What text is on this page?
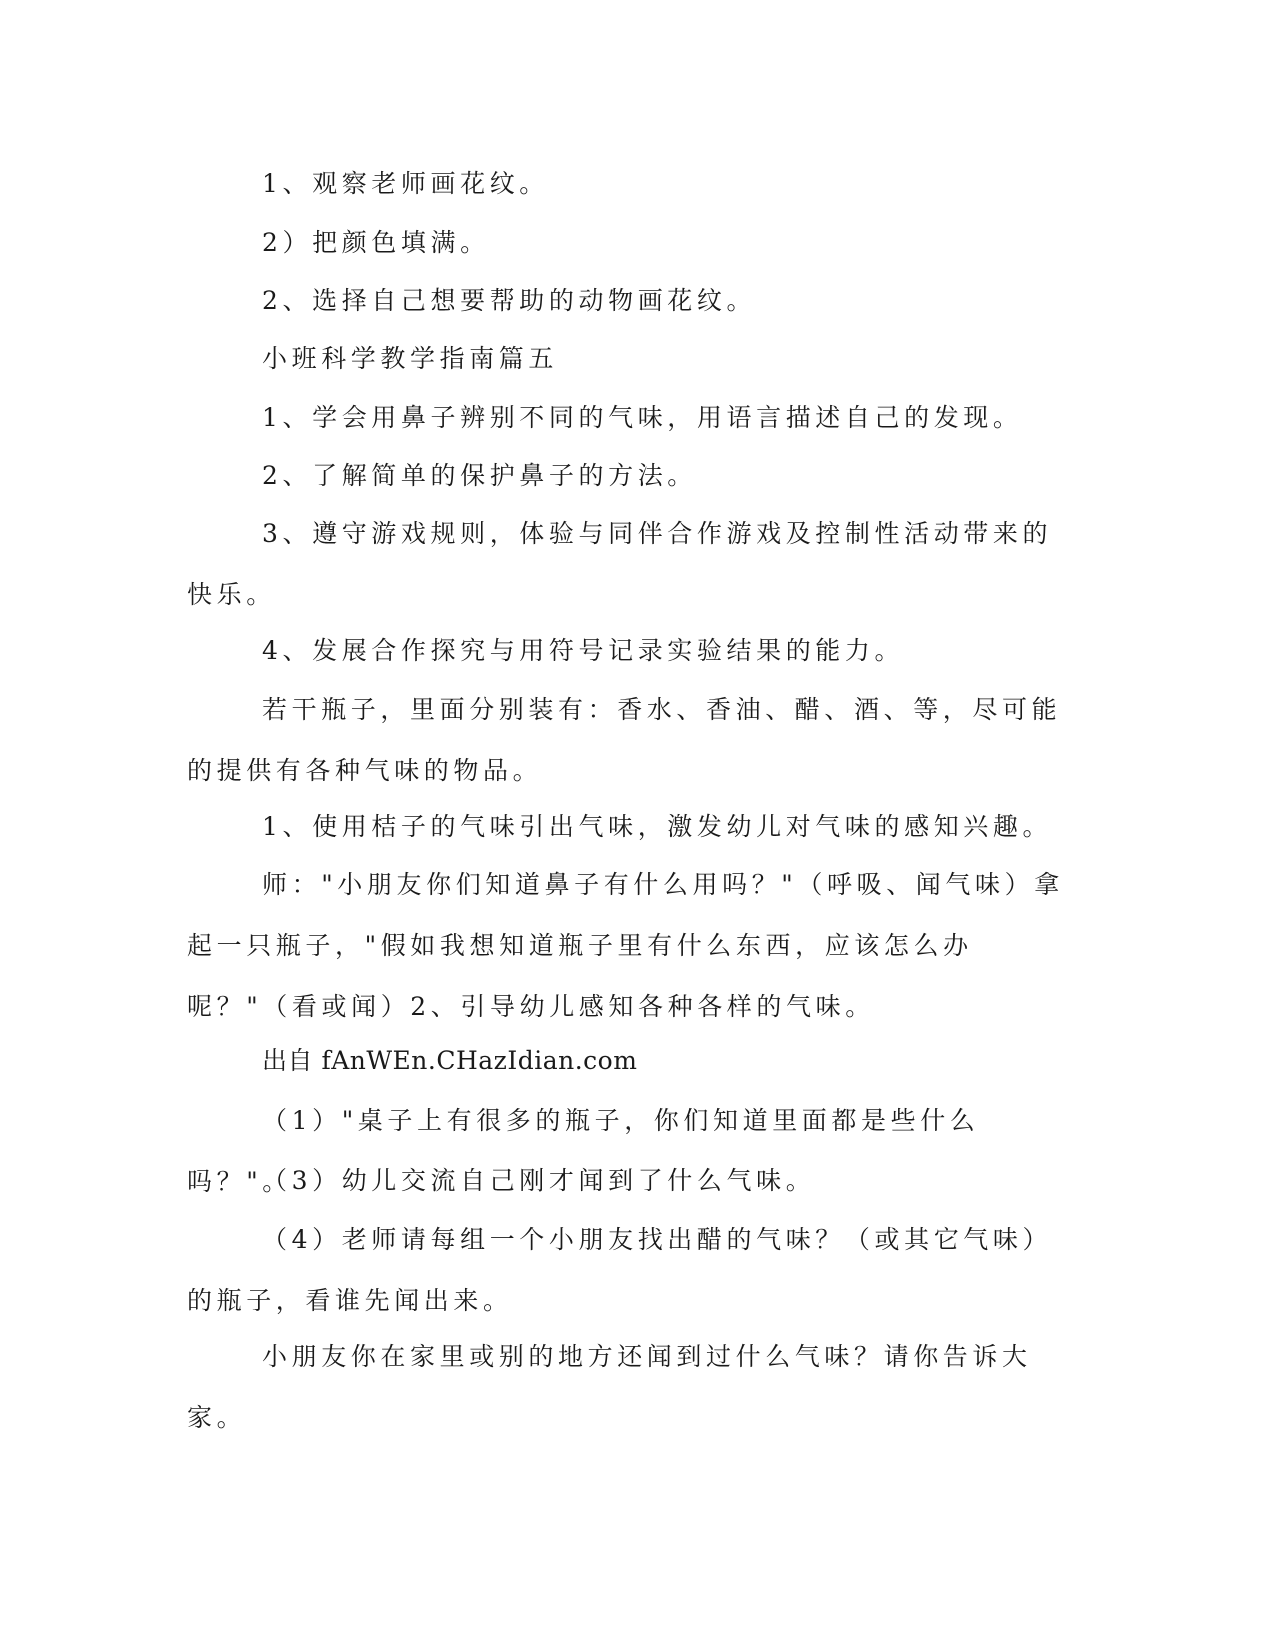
1、观察老师画花纹。

2）把颜色填满。

2、选择自己想要帮助的动物画花纹。

小班科学教学指南篇五

1、学会用鼻子辨别不同的气味，用语言描述自己的发现。

2、了解简单的保护鼻子的方法。

3、遵守游戏规则，体验与同伴合作游戏及控制性活动带来的快乐。

4、发展合作探究与用符号记录实验结果的能力。

若干瓶子，里面分别装有：香水、香油、醋、酒、等，尽可能的提供有各种气味的物品。

1、使用桔子的气味引出气味，激发幼儿对气味的感知兴趣。

师："小朋友你们知道鼻子有什么用吗？"（呼吸、闻气味）拿起一只瓶子，"假如我想知道瓶子里有什么东西，应该怎么办呢？"（看或闻）2、引导幼儿感知各种各样的气味。

出自 fAnWEn.CHazIdian.com

（1）"桌子上有很多的瓶子，你们知道里面都是些什么吗？"。

（3）幼儿交流自己刚才闻到了什么气味。

（4）老师请每组一个小朋友找出醋的气味？（或其它气味）的瓶子，看谁先闻出来。

小朋友你在家里或别的地方还闻到过什么气味？请你告诉大家。
